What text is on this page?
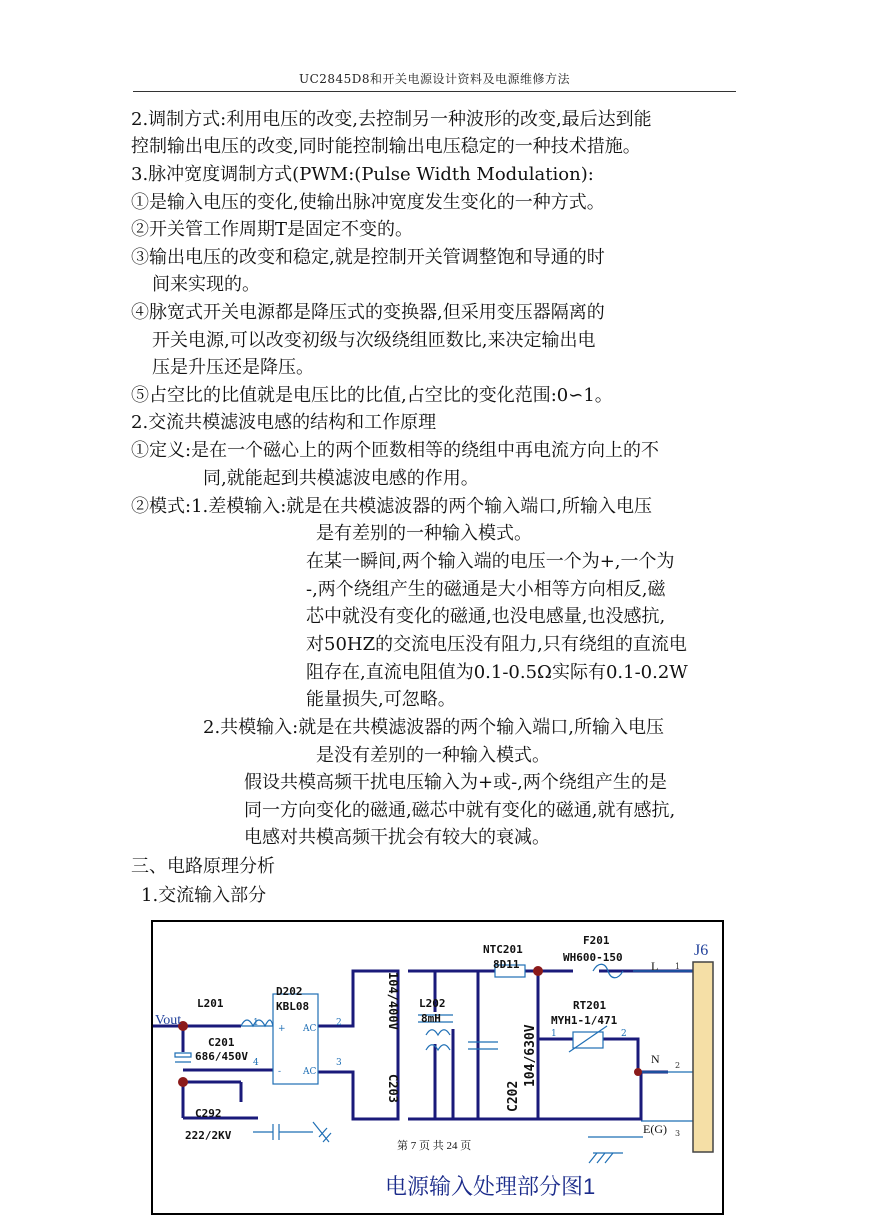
UC2845D8和开关电源设计资料及电源维修方法
2.调制方式:利用电压的改变,去控制另一种波形的改变,最后达到能
控制输出电压的改变,同时能控制输出电压稳定的一种技术措施。
3.脉冲宽度调制方式(PWM:(Pulse Width Modulation):
①是输入电压的变化,使输出脉冲宽度发生变化的一种方式。
②开关管工作周期T是固定不变的。
③输出电压的改变和稳定,就是控制开关管调整饱和导通的时
间来实现的。
④脉宽式开关电源都是降压式的变换器,但采用变压器隔离的
开关电源,可以改变初级与次级绕组匝数比,来决定输出电
压是升压还是降压。
⑤占空比的比值就是电压比的比值,占空比的变化范围:0∽1。
2.交流共模滤波电感的结构和工作原理
①定义:是在一个磁心上的两个匝数相等的绕组中再电流方向上的不
同,就能起到共模滤波电感的作用。
②模式:1.差模输入:就是在共模滤波器的两个输入端口,所输入电压
是有差别的一种输入模式。
在某一瞬间,两个输入端的电压一个为+,一个为
-,两个绕组产生的磁通是大小相等方向相反,磁
芯中就没有变化的磁通,也没电感量,也没感抗,
对50HZ的交流电压没有阻力,只有绕组的直流电
阻存在,直流电阻值为0.1-0.5Ω实际有0.1-0.2W
能量损失,可忽略。
2.共模输入:就是在共模滤波器的两个输入端口,所输入电压
是没有差别的一种输入模式。
假设共模高频干扰电压输入为+或-,两个绕组产生的是
同一方向变化的磁通,磁芯中就有变化的磁通,就有感抗,
电感对共模高频干扰会有较大的衰减。
三、电路原理分析
1.交流输入部分
Vout
L201
C201
686/450V
D202
KBL08
AC
AC
+
-
1	2
3
4
C292
222/2KV
104/400V
C203
L202
8mH
104/630V
C202
NTC201
8D11
F201
WH600-150
RT201
MYH1-1/471
1	2
L
N
E(G)
J6
1
2
3
第 7 页 共 24 页
电源输入处理部分图1
